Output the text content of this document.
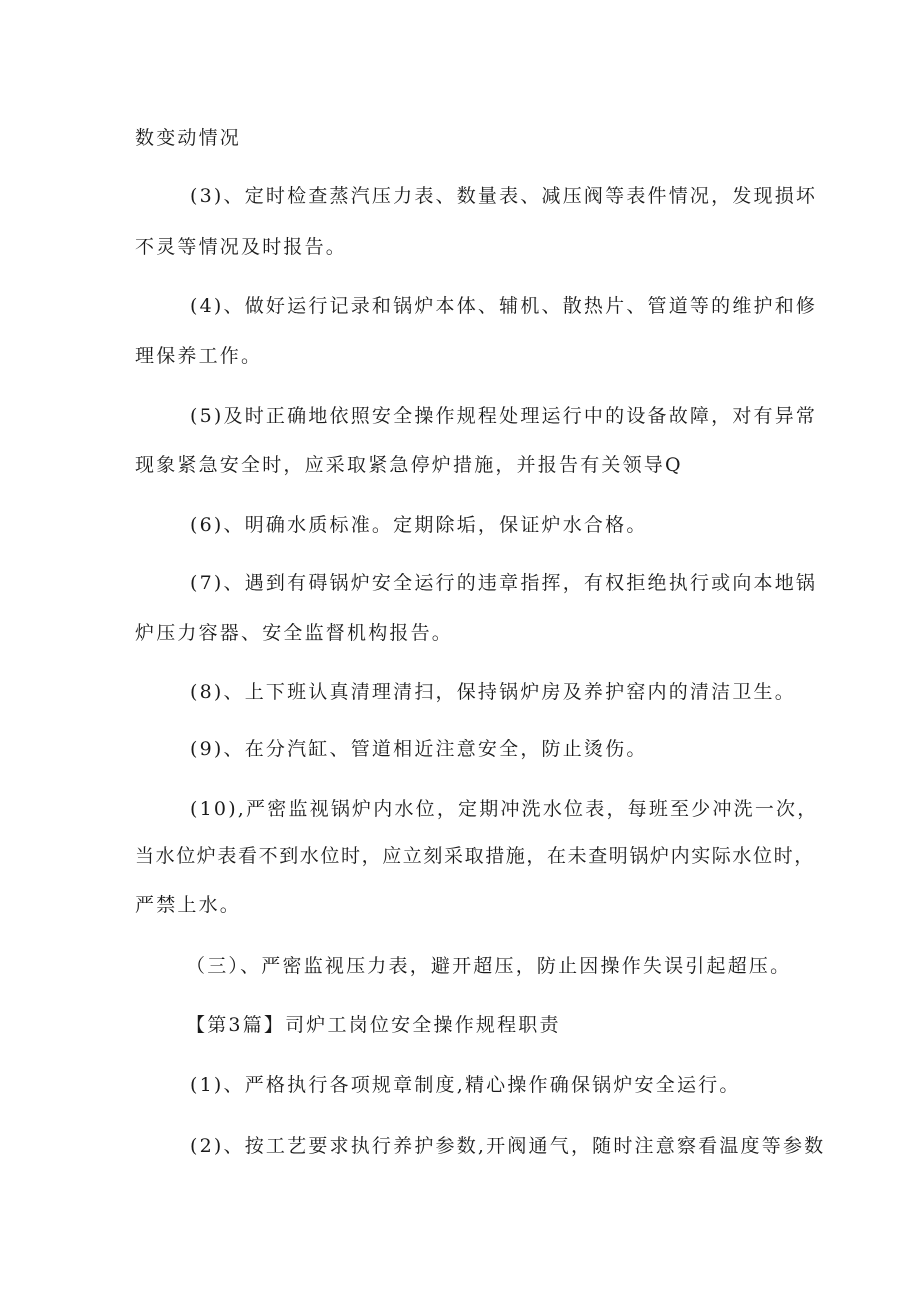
数变动情况
(3)、定时检查蒸汽压力表、数量表、减压阀等表件情况，发现损坏
不灵等情况及时报告。
(4)、做好运行记录和锅炉本体、辅机、散热片、管道等的维护和修
理保养工作。
(5)及时正确地依照安全操作规程处理运行中的设备故障，对有异常
现象紧急安全时，应采取紧急停炉措施，并报告有关领导Q
(6)、明确水质标准。定期除垢，保证炉水合格。
(7)、遇到有碍锅炉安全运行的违章指挥，有权拒绝执行或向本地锅
炉压力容器、安全监督机构报告。
(8)、上下班认真清理清扫，保持锅炉房及养护窑内的清洁卫生。
(9)、在分汽缸、管道相近注意安全，防止烫伤。
(10),严密监视锅炉内水位，定期冲洗水位表，每班至少冲洗一次，
当水位炉表看不到水位时，应立刻采取措施，在未查明锅炉内实际水位时，
严禁上水。
（三）、严密监视压力表，避开超压，防止因操作失误引起超压。
【第3篇】司炉工岗位安全操作规程职责
(1)、严格执行各项规章制度,精心操作确保锅炉安全运行。
(2)、按工艺要求执行养护参数,开阀通气，随时注意察看温度等参数
